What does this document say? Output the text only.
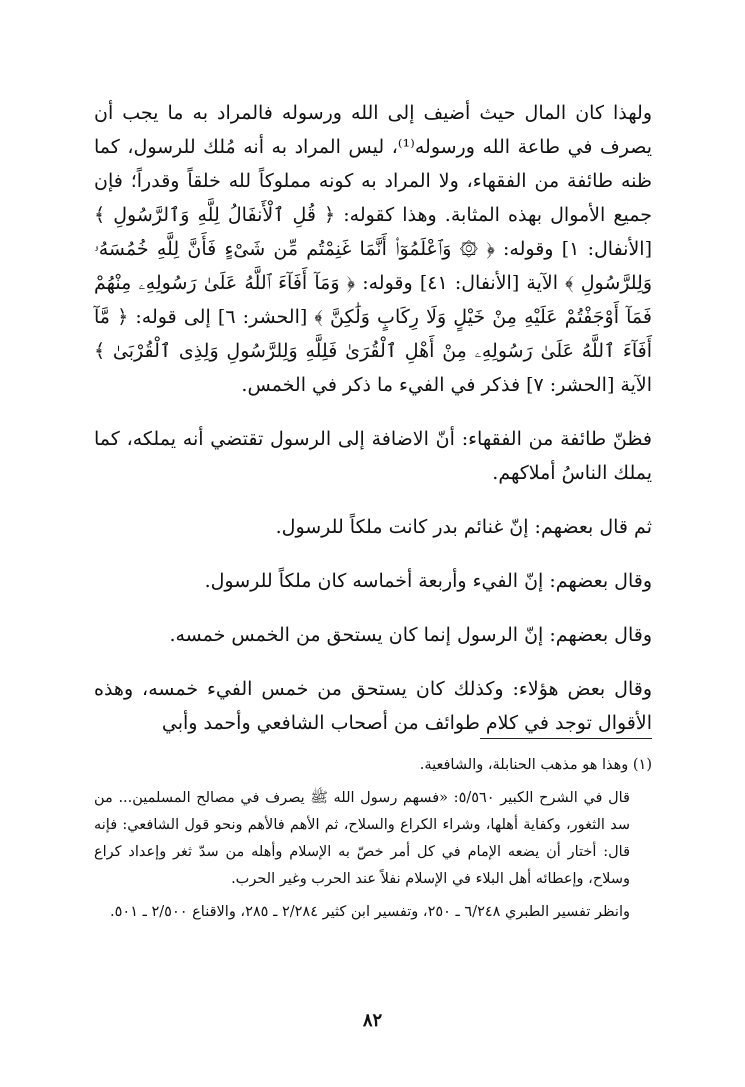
ولهذا كان المال حيث أضيف إلى الله ورسوله فالمراد به ما يجب أن يصرف في طاعة الله ورسوله⁽¹⁾، ليس المراد به أنه مُلك للرسول، كما ظنه طائفة من الفقهاء، ولا المراد به كونه مملوكاً لله خلقاً وقدراً؛ فإن جميع الأموال بهذه المثابة. وهذا كقوله: ﴿ قُلِ ٱلْأَنفَالُ لِلَّهِ وَٱلرَّسُولِ ﴾ [الأنفال: ١] وقوله: ﴿ ۞ وَٱعْلَمُوٓا۟ أَنَّمَا غَنِمْتُم مِّن شَىْءٍ فَأَنَّ لِلَّهِ خُمُسَهُۥ وَلِلرَّسُولِ ﴾ الآية [الأنفال: ٤١] وقوله: ﴿ وَمَآ أَفَآءَ ٱللَّهُ عَلَىٰ رَسُولِهِۦ مِنْهُمْ فَمَآ أَوْجَفْتُمْ عَلَيْهِ مِنْ خَيْلٍ وَلَا رِكَابٍ وَلَٰكِنَّ ﴾ [الحشر: ٦] إلى قوله: ﴿ مَّآ أَفَآءَ ٱللَّهُ عَلَىٰ رَسُولِهِۦ مِنْ أَهْلِ ٱلْقُرَىٰ فَلِلَّهِ وَلِلرَّسُولِ وَلِذِى ٱلْقُرْبَىٰ ﴾ الآية [الحشر: ٧] فذكر في الفيء ما ذكر في الخمس.

فظنّ طائفة من الفقهاء: أنّ الاضافة إلى الرسول تقتضي أنه يملكه، كما يملك الناسُ أملاكهم.

ثم قال بعضهم: إنّ غنائم بدر كانت ملكاً للرسول.

وقال بعضهم: إنّ الفيء وأربعة أخماسه كان ملكاً للرسول.

وقال بعضهم: إنّ الرسول إنما كان يستحق من الخمس خمسه.

وقال بعض هؤلاء: وكذلك كان يستحق من خمس الفيء خمسه، وهذه الأقوال توجد في كلام طوائف من أصحاب الشافعي وأحمد وأبي

(١) وهذا هو مذهب الحنابلة، والشافعية.

قال في الشرح الكبير ٥/٥٦٠: «فسهم رسول الله ﷺ يصرف في مصالح المسلمين... من سد الثغور، وكفاية أهلها، وشراء الكراع والسلاح، ثم الأهم فالأهم ونحو قول الشافعي: فإنه قال: أختار أن يضعه الإمام في كل أمر خصّ به الإسلام وأهله من سدّ ثغر وإعداد كراع وسلاح، وإعطائه أهل البلاء في الإسلام نفلاً عند الحرب وغير الحرب.

وانظر تفسير الطبري ٦/٢٤٨ ـ ٢٥٠، وتفسير ابن كثير ٢/٢٨٤ ـ ٢٨٥، والاقناع ٢/٥٠٠ ـ ٥٠١.

٨٢
